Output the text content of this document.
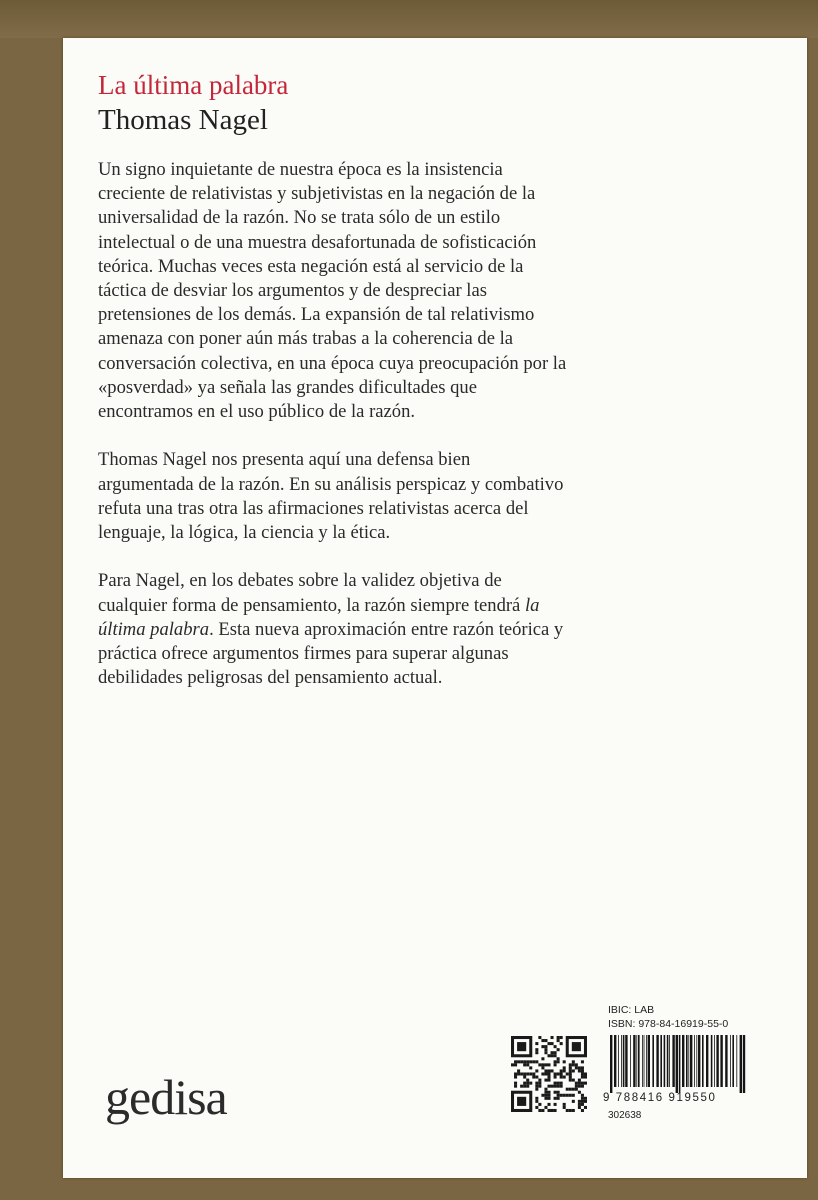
La última palabra
Thomas Nagel

Un signo inquietante de nuestra época es la insistencia creciente de relativistas y subjetivistas en la negación de la universalidad de la razón. No se trata sólo de un estilo intelectual o de una muestra desafortunada de sofisticación teórica. Muchas veces esta negación está al servicio de la táctica de desviar los argumentos y de despreciar las pretensiones de los demás. La expansión de tal relativismo amenaza con poner aún más trabas a la coherencia de la conversación colectiva, en una época cuya preocupación por la «posverdad» ya señala las grandes dificultades que encontramos en el uso público de la razón.

Thomas Nagel nos presenta aquí una defensa bien argumentada de la razón. En su análisis perspicaz y combativo refuta una tras otra las afirmaciones relativistas acerca del lenguaje, la lógica, la ciencia y la ética.

Para Nagel, en los debates sobre la validez objetiva de cualquier forma de pensamiento, la razón siempre tendrá la última palabra. Esta nueva aproximación entre razón teórica y práctica ofrece argumentos firmes para superar algunas debilidades peligrosas del pensamiento actual.

gedisa
IBIC: LAB
ISBN: 978-84-16919-55-0
9 788416 919550
302638
